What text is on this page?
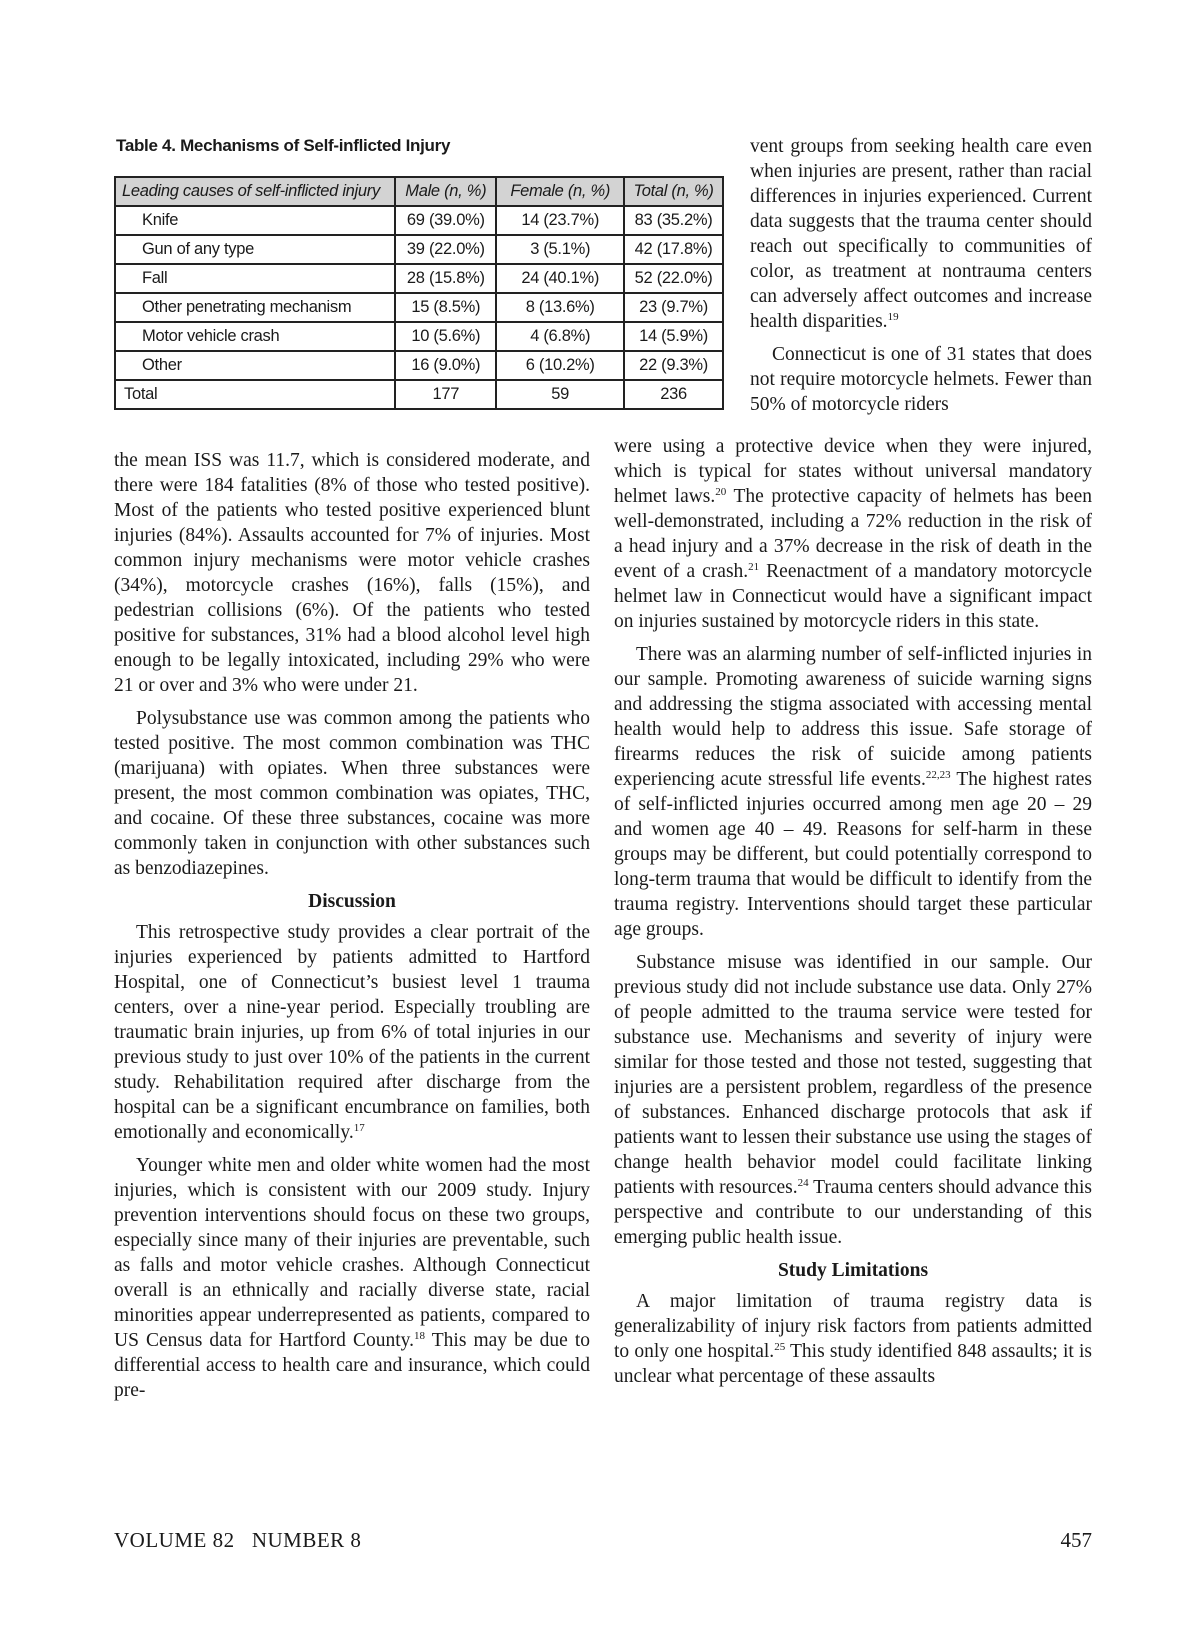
Table 4. Mechanisms of Self-inflicted Injury
Leading causes of self-inflicted injury	Male (n, %)	Female (n, %)	Total (n, %)
Knife	69 (39.0%)	14 (23.7%)	83 (35.2%)
Gun of any type	39 (22.0%)	3 (5.1%)	42 (17.8%)
Fall	28 (15.8%)	24 (40.1%)	52 (22.0%)
Other penetrating mechanism	15 (8.5%)	8 (13.6%)	23 (9.7%)
Motor vehicle crash	10 (5.6%)	4 (6.8%)	14 (5.9%)
Other	16 (9.0%)	6 (10.2%)	22 (9.3%)
Total	177	59	236

vent groups from seeking health care even when injuries are present, rather than racial differences in injuries experienced. Current data suggests that the trauma center should reach out specifically to communities of color, as treatment at nontrauma centers can adversely affect outcomes and increase health disparities.$^{19}$

Connecticut is one of 31 states that does not require motorcycle helmets. Fewer than 50% of motorcycle riders

the mean ISS was 11.7, which is considered moderate, and there were 184 fatalities (8% of those who tested positive). Most of the patients who tested positive experienced blunt injuries (84%). Assaults accounted for 7% of injuries. Most common injury mechanisms were motor vehicle crashes (34%), motorcycle crashes (16%), falls (15%), and pedestrian collisions (6%). Of the patients who tested positive for substances, 31% had a blood alcohol level high enough to be legally intoxicated, including 29% who were 21 or over and 3% who were under 21.

Polysubstance use was common among the patients who tested positive. The most common combination was THC (marijuana) with opiates. When three substances were present, the most common combination was opiates, THC, and cocaine. Of these three substances, cocaine was more commonly taken in conjunction with other substances such as benzodiazepines.

Discussion

This retrospective study provides a clear portrait of the injuries experienced by patients admitted to Hartford Hospital, one of Connecticut’s busiest level 1 trauma centers, over a nine-year period. Especially troubling are traumatic brain injuries, up from 6% of total injuries in our previous study to just over 10% of the patients in the current study. Rehabilitation required after discharge from the hospital can be a significant encumbrance on families, both emotionally and economically.$^{17}$

Younger white men and older white women had the most injuries, which is consistent with our 2009 study. Injury prevention interventions should focus on these two groups, especially since many of their injuries are preventable, such as falls and motor vehicle crashes. Although Connecticut overall is an ethnically and racially diverse state, racial minorities appear underrepresented as patients, compared to US Census data for Hartford County.$^{18}$ This may be due to differential access to health care and insurance, which could pre-

were using a protective device when they were injured, which is typical for states without universal mandatory helmet laws.$^{20}$ The protective capacity of helmets has been well-demonstrated, including a 72% reduction in the risk of a head injury and a 37% decrease in the risk of death in the event of a crash.$^{21}$ Reenactment of a mandatory motorcycle helmet law in Connecticut would have a significant impact on injuries sustained by motorcycle riders in this state.

There was an alarming number of self-inflicted injuries in our sample. Promoting awareness of suicide warning signs and addressing the stigma associated with accessing mental health would help to address this issue. Safe storage of firearms reduces the risk of suicide among patients experiencing acute stressful life events.$^{22,23}$ The highest rates of self-inflicted injuries occurred among men age 20 – 29 and women age 40 – 49. Reasons for self-harm in these groups may be different, but could potentially correspond to long-term trauma that would be difficult to identify from the trauma registry. Interventions should target these particular age groups.

Substance misuse was identified in our sample. Our previous study did not include substance use data. Only 27% of people admitted to the trauma service were tested for substance use. Mechanisms and severity of injury were similar for those tested and those not tested, suggesting that injuries are a persistent problem, regardless of the presence of substances. Enhanced discharge protocols that ask if patients want to lessen their substance use using the stages of change health behavior model could facilitate linking patients with resources.$^{24}$ Trauma centers should advance this perspective and contribute to our understanding of this emerging public health issue.

Study Limitations

A major limitation of trauma registry data is generalizability of injury risk factors from patients admitted to only one hospital.$^{25}$ This study identified 848 assaults; it is unclear what percentage of these assaults

VOLUME 82   NUMBER 8	457
